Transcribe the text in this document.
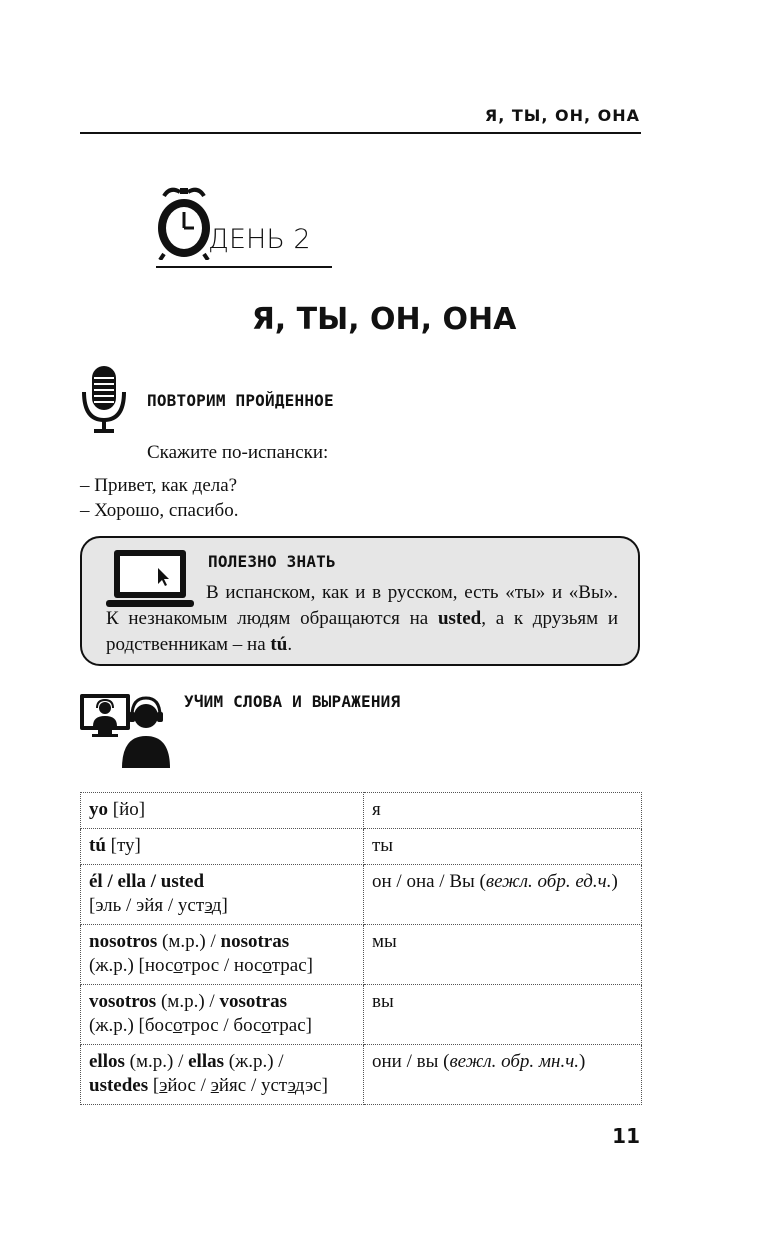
Я, ТЫ, ОН, ОНА
ДЕНЬ 2
Я, ТЫ, ОН, ОНА
ПОВТОРИМ ПРОЙДЕННОЕ
Скажите по-испански:
– Привет, как дела?
– Хорошо, спасибо.
ПОЛЕЗНО ЗНАТЬ
В испанском, как и в русском, есть «ты» и «Вы». К незнакомым людям обращаются на usted, а к друзьям и родственникам – на tú.
УЧИМ СЛОВА И ВЫРАЖЕНИЯ
yo [йо]	я
tú [ту]	ты
él / ella / usted
[эль / эйя / устэд]	он / она / Вы (вежл. обр. ед.ч.)
nosotros (м.р.) / nosotras
(ж.р.) [носотрос / носотрас]	мы
vosotros (м.р.) / vosotras
(ж.р.) [босотрос / босотрас]	вы
ellos (м.р.) / ellas (ж.р.) /
ustedes [эйос / эйяс / устэдэс]	они / вы (вежл. обр. мн.ч.)
11
